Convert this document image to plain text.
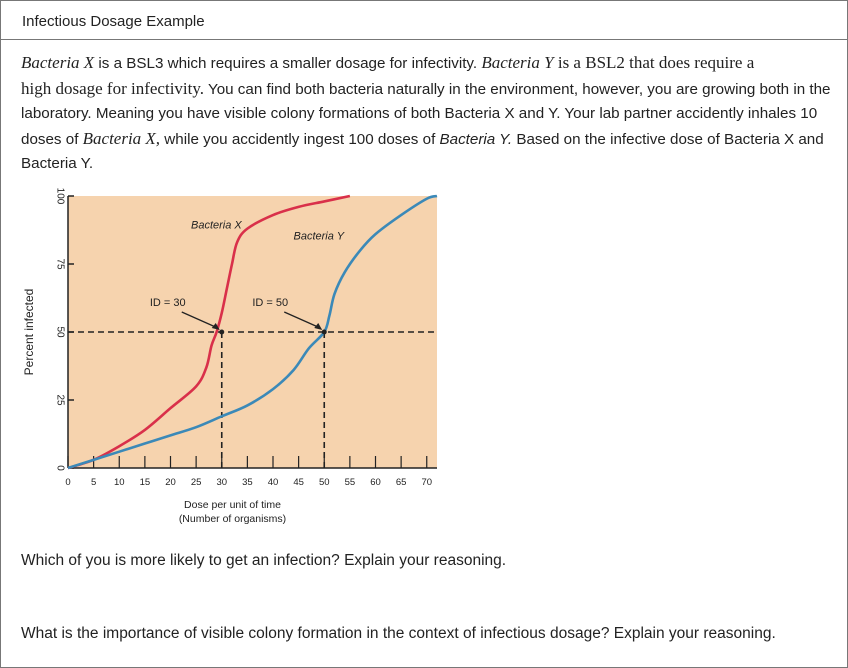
Infectious Dosage Example
Bacteria X is a BSL3 which requires a smaller dosage for infectivity. Bacteria Y is a BSL2 that does require a
high dosage for infectivity. You can find both bacteria naturally in the environment, however, you are growing both in the laboratory. Meaning you have visible colony formations of both Bacteria X and Y. Your lab partner accidently inhales 10 doses of Bacteria X, while you accidently ingest 100 doses of Bacteria Y. Based on the infective dose of Bacteria X and Bacteria Y.
0
25
50
75
100
0 5 10 15 20 25 30 35 40 45 50 55 60 65 70
ID = 30	ID = 50
Percent infected
Dose per unit of time
(Number of organisms)
Bacteria X
Bacteria Y
Which of you is more likely to get an infection? Explain your reasoning.
What is the importance of visible colony formation in the context of infectious dosage? Explain your reasoning.
